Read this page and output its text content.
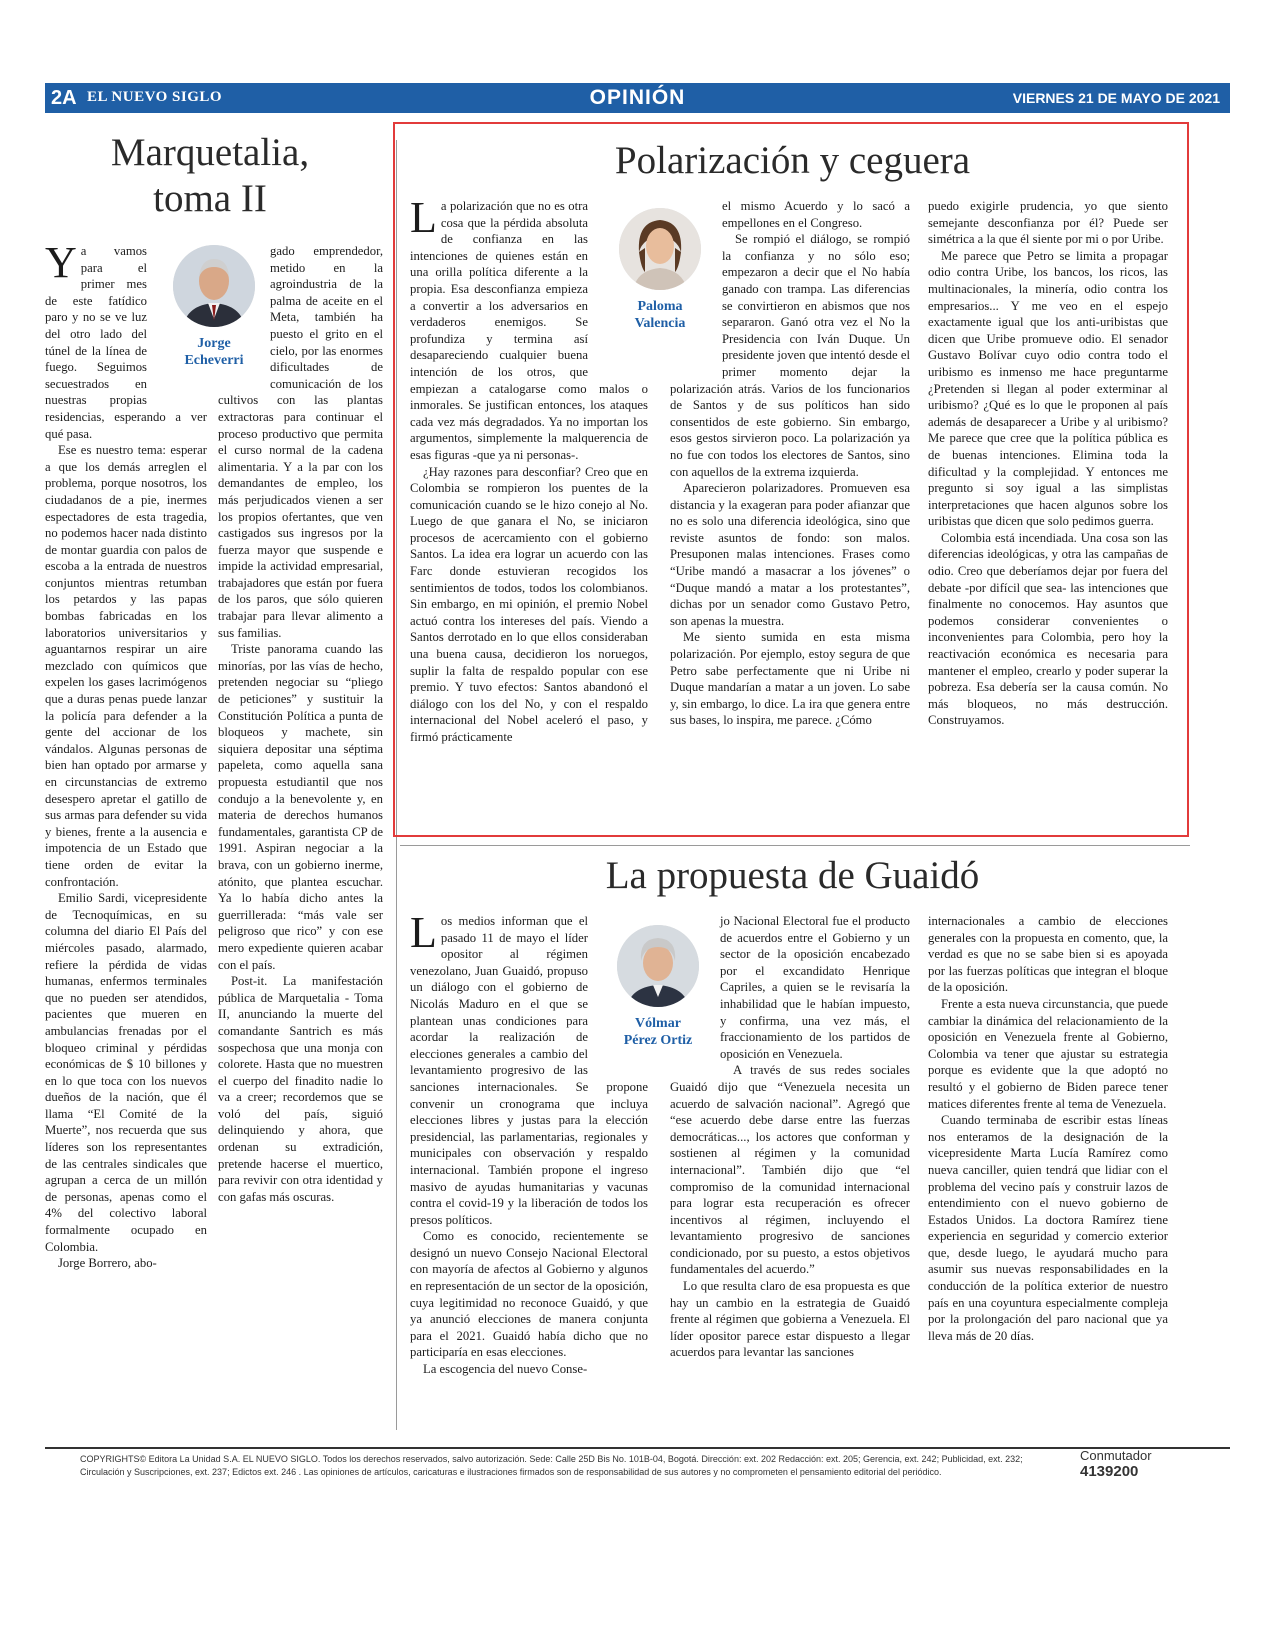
2A EL NUEVO SIGLO	OPINIÓN	VIERNES 21 DE MAYO DE 2021
Marquetalia,
toma II
Jorge
Echeverri

Ya vamos para el primer mes de este fatídico paro y no se ve luz del otro lado del túnel de la línea de fuego. Seguimos secuestrados en nuestras propias residencias, esperando a ver qué pasa.

Ese es nuestro tema: esperar a que los demás arreglen el problema, porque nosotros, los ciudadanos de a pie, inermes espectadores de esta tragedia, no podemos hacer nada distinto de montar guardia con palos de escoba a la entrada de nuestros conjuntos mientras retumban los petardos y las papas bombas fabricadas en los laboratorios universitarios y aguantarnos respirar un aire mezclado con químicos que expelen los gases lacrimógenos que a duras penas puede lanzar la policía para defender a la gente del accionar de los vándalos. Algunas personas de bien han optado por armarse y en circunstancias de extremo desespero apretar el gatillo de sus armas para defender su vida y bienes, frente a la ausencia e impotencia de un Estado que tiene orden de evitar la confrontación.

Emilio Sardi, vicepresidente de Tecnoquímicas, en su columna del diario El País del miércoles pasado, alarmado, refiere la pérdida de vidas humanas, enfermos terminales que no pueden ser atendidos, pacientes que mueren en ambulancias frenadas por el bloqueo criminal y pérdidas económicas de $ 10 billones y en lo que toca con los nuevos dueños de la nación, que él llama “El Comité de la Muerte”, nos recuerda que sus líderes son los representantes de las centrales sindicales que agrupan a cerca de un millón de personas, apenas como el 4% del colectivo laboral formalmente ocupado en Colombia.

Jorge Borrero, abo-

gado emprendedor, metido en la agroindustria de la palma de aceite en el Meta, también ha puesto el grito en el cielo, por las enormes dificultades de comunicación de los cultivos con las plantas extractoras para continuar el proceso productivo que permita el curso normal de la cadena alimentaria. Y a la par con los demandantes de empleo, los más perjudicados vienen a ser los propios ofertantes, que ven castigados sus ingresos por la fuerza mayor que suspende e impide la actividad empresarial, trabajadores que están por fuera de los paros, que sólo quieren trabajar para llevar alimento a sus familias.

Triste panorama cuando las minorías, por las vías de hecho, pretenden negociar su “pliego de peticiones” y sustituir la Constitución Política a punta de bloqueos y machete, sin siquiera depositar una séptima papeleta, como aquella sana propuesta estudiantil que nos condujo a la benevolente y, en materia de derechos humanos fundamentales, garantista CP de 1991. Aspiran negociar a la brava, con un gobierno inerme, atónito, que plantea escuchar. Ya lo había dicho antes la guerrillerada: “más vale ser peligroso que rico” y con ese mero expediente quieren acabar con el país.

Post-it. La manifestación pública de Marquetalia - Toma II, anunciando la muerte del comandante Santrich es más sospechosa que una monja con colorete. Hasta que no muestren el cuerpo del finadito nadie lo va a creer; recordemos que se voló del país, siguió delinquiendo y ahora, que ordenan su extradición, pretende hacerse el muertico, para revivir con otra identidad y con gafas más oscuras.

Polarización y ceguera
Paloma
Valencia

La polarización que no es otra cosa que la pérdida absoluta de confianza en las intenciones de quienes están en una orilla política diferente a la propia. Esa desconfianza empieza a convertir a los adversarios en verdaderos enemigos. Se profundiza y termina así desapareciendo cualquier buena intención de los otros, que empiezan a catalogarse como malos o inmorales. Se justifican entonces, los ataques cada vez más degradados. Ya no importan los argumentos, simplemente la malquerencia de esas figuras -que ya ni personas-.

¿Hay razones para desconfiar? Creo que en Colombia se rompieron los puentes de la comunicación cuando se le hizo conejo al No. Luego de que ganara el No, se iniciaron procesos de acercamiento con el gobierno Santos. La idea era lograr un acuerdo con las Farc donde estuvieran recogidos los sentimientos de todos, todos los colombianos. Sin embargo, en mi opinión, el premio Nobel actuó contra los intereses del país. Viendo a Santos derrotado en lo que ellos consideraban una buena causa, decidieron los noruegos, suplir la falta de respaldo popular con ese premio. Y tuvo efectos: Santos abandonó el diálogo con los del No, y con el respaldo internacional del Nobel aceleró el paso, y firmó prácticamente

el mismo Acuerdo y lo sacó a empellones en el Congreso.

Se rompió el diálogo, se rompió la confianza y no sólo eso; empezaron a decir que el No había ganado con trampa. Las diferencias se convirtieron en abismos que nos separaron. Ganó otra vez el No la Presidencia con Iván Duque. Un presidente joven que intentó desde el primer momento dejar la polarización atrás. Varios de los funcionarios de Santos y de sus políticos han sido consentidos de este gobierno. Sin embargo, esos gestos sirvieron poco. La polarización ya no fue con todos los electores de Santos, sino con aquellos de la extrema izquierda.

Aparecieron polarizadores. Promueven esa distancia y la exageran para poder afianzar que no es solo una diferencia ideológica, sino que reviste asuntos de fondo: son malos. Presuponen malas intenciones. Frases como “Uribe mandó a masacrar a los jóvenes” o “Duque mandó a matar a los protestantes”, dichas por un senador como Gustavo Petro, son apenas la muestra.

Me siento sumida en esta misma polarización. Por ejemplo, estoy segura de que Petro sabe perfectamente que ni Uribe ni Duque mandarían a matar a un joven. Lo sabe y, sin embargo, lo dice. La ira que genera entre sus bases, lo inspira, me parece. ¿Cómo

puedo exigirle prudencia, yo que siento semejante desconfianza por él? Puede ser simétrica a la que él siente por mi o por Uribe.

Me parece que Petro se limita a propagar odio contra Uribe, los bancos, los ricos, las multinacionales, la minería, odio contra los empresarios... Y me veo en el espejo exactamente igual que los anti-uribistas que dicen que Uribe promueve odio. El senador Gustavo Bolívar cuyo odio contra todo el uribismo es inmenso me hace preguntarme ¿Pretenden si llegan al poder exterminar al uribismo? ¿Qué es lo que le proponen al país además de desaparecer a Uribe y al uribismo? Me parece que cree que la política pública es de buenas intenciones. Elimina toda la dificultad y la complejidad. Y entonces me pregunto si soy igual a las simplistas interpretaciones que hacen algunos sobre los uribistas que dicen que solo pedimos guerra.

Colombia está incendiada. Una cosa son las diferencias ideológicas, y otra las campañas de odio. Creo que deberíamos dejar por fuera del debate -por difícil que sea- las intenciones que finalmente no conocemos. Hay asuntos que podemos considerar convenientes o inconvenientes para Colombia, pero hoy la reactivación económica es necesaria para mantener el empleo, crearlo y poder superar la pobreza. Esa debería ser la causa común. No más bloqueos, no más destrucción. Construyamos.

La propuesta de Guaidó
Vólmar
Pérez Ortiz

Los medios informan que el pasado 11 de mayo el líder opositor al régimen venezolano, Juan Guaidó, propuso un diálogo con el gobierno de Nicolás Maduro en el que se plantean unas condiciones para acordar la realización de elecciones generales a cambio del levantamiento progresivo de las sanciones internacionales. Se propone convenir un cronograma que incluya elecciones libres y justas para la elección presidencial, las parlamentarias, regionales y municipales con observación y respaldo internacional. También propone el ingreso masivo de ayudas humanitarias y vacunas contra el covid-19 y la liberación de todos los presos políticos.

Como es conocido, recientemente se designó un nuevo Consejo Nacional Electoral con mayoría de afectos al Gobierno y algunos en representación de un sector de la oposición, cuya legitimidad no reconoce Guaidó, y que ya anunció elecciones de manera conjunta para el 2021. Guaidó había dicho que no participaría en esas elecciones.

La escogencia del nuevo Conse-

jo Nacional Electoral fue el producto de acuerdos entre el Gobierno y un sector de la oposición encabezado por el excandidato Henrique Capriles, a quien se le revisaría la inhabilidad que le habían impuesto, y confirma, una vez más, el fraccionamiento de los partidos de oposición en Venezuela.

A través de sus redes sociales Guaidó dijo que “Venezuela necesita un acuerdo de salvación nacional”. Agregó que “ese acuerdo debe darse entre las fuerzas democráticas..., los actores que conforman y sostienen al régimen y la comunidad internacional”. También dijo que “el compromiso de la comunidad internacional para lograr esta recuperación es ofrecer incentivos al régimen, incluyendo el levantamiento progresivo de sanciones condicionado, por su puesto, a estos objetivos fundamentales del acuerdo.”

Lo que resulta claro de esa propuesta es que hay un cambio en la estrategia de Guaidó frente al régimen que gobierna a Venezuela. El líder opositor parece estar dispuesto a llegar acuerdos para levantar las sanciones

internacionales a cambio de elecciones generales con la propuesta en comento, que, la verdad es que no se sabe bien si es apoyada por las fuerzas políticas que integran el bloque de la oposición.

Frente a esta nueva circunstancia, que puede cambiar la dinámica del relacionamiento de la oposición en Venezuela frente al Gobierno, Colombia va tener que ajustar su estrategia porque es evidente que la que adoptó no resultó y el gobierno de Biden parece tener matices diferentes frente al tema de Venezuela.

Cuando terminaba de escribir estas líneas nos enteramos de la designación de la vicepresidente Marta Lucía Ramírez como nueva canciller, quien tendrá que lidiar con el problema del vecino país y construir lazos de entendimiento con el nuevo gobierno de Estados Unidos. La doctora Ramírez tiene experiencia en seguridad y comercio exterior que, desde luego, le ayudará mucho para asumir sus nuevas responsabilidades en la conducción de la política exterior de nuestro país en una coyuntura especialmente compleja por la prolongación del paro nacional que ya lleva más de 20 días.

COPYRIGHTS© Editora La Unidad S.A. EL NUEVO SIGLO. Todos los derechos reservados, salvo autorización. Sede: Calle 25D Bis No. 101B-04, Bogotá. Dirección: ext. 202 Redacción: ext. 205; Gerencia, ext. 242; Publicidad, ext. 232; Circulación y Suscripciones, ext. 237; Edictos ext. 246 . Las opiniones de artículos, caricaturas e ilustraciones firmados son de responsabilidad de sus autores y no comprometen el pensamiento editorial del periódico.
Conmutador
4139200
